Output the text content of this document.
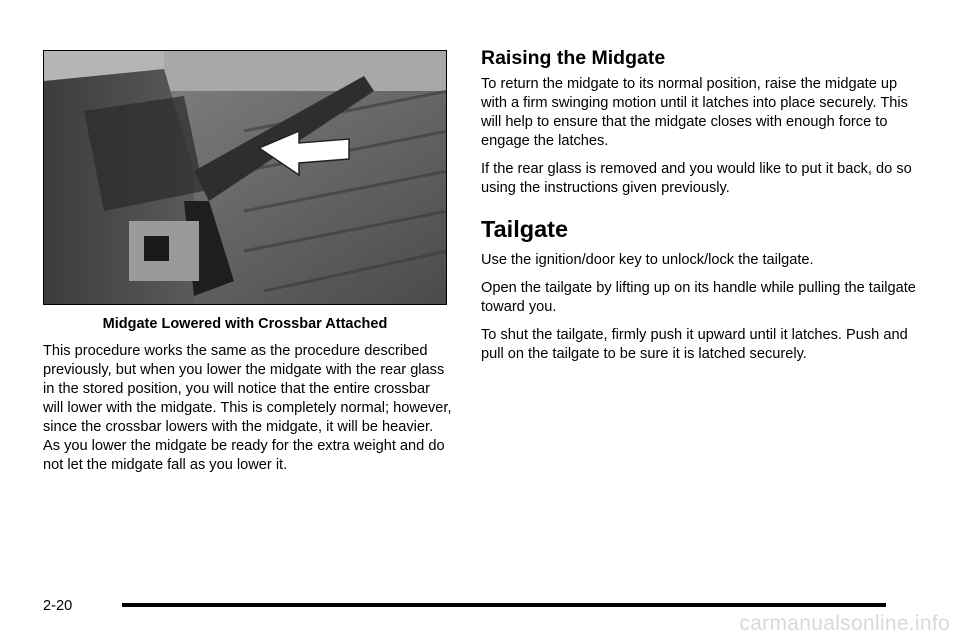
Midgate Lowered with Crossbar Attached
This procedure works the same as the procedure described previously, but when you lower the midgate with the rear glass in the stored position, you will notice that the entire crossbar will lower with the midgate. This is completely normal; however, since the crossbar lowers with the midgate, it will be heavier. As you lower the midgate be ready for the extra weight and do not let the midgate fall as you lower it.
Raising the Midgate

To return the midgate to its normal position, raise the midgate up with a firm swinging motion until it latches into place securely. This will help to ensure that the midgate closes with enough force to engage the latches.

If the rear glass is removed and you would like to put it back, do so using the instructions given previously.

Tailgate

Use the ignition/door key to unlock/lock the tailgate.

Open the tailgate by lifting up on its handle while pulling the tailgate toward you.

To shut the tailgate, firmly push it upward until it latches. Push and pull on the tailgate to be sure it is latched securely.

2-20
carmanualsonline.info
